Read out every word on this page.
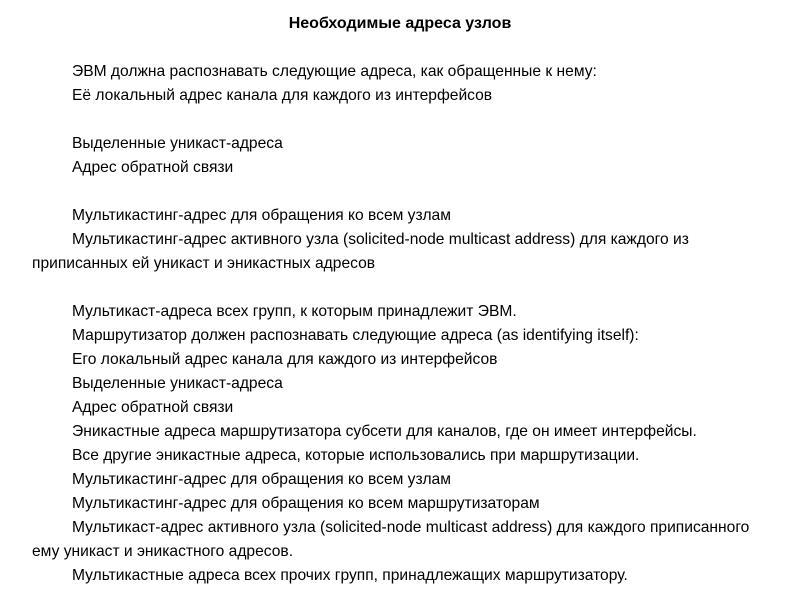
Необходимые адреса узлов
ЭВМ должна распознавать следующие адреса, как обращенные к нему:
Её локальный адрес канала для каждого из интерфейсов
Выделенные уникаст-адреса
Адрес обратной связи
Мультикастинг-адрес для обращения ко всем узлам
Мультикастинг-адрес активного узла (solicited-node multicast address) для каждого из приписанных ей уникаст и эникастных адресов
Мультикаст-адреса всех групп, к которым принадлежит ЭВМ.
Маршрутизатор должен распознавать следующие адреса (as identifying itself):
Его локальный адрес канала для каждого из интерфейсов
Выделенные уникаст-адреса
Адрес обратной связи
Эникастные адреса маршрутизатора субсети для каналов, где он имеет интерфейсы.
Все другие эникастные адреса, которые использовались при маршрутизации.
Мультикастинг-адрес для обращения ко всем узлам
Мультикастинг-адрес для обращения ко всем маршрутизаторам
Мультикаст-адрес активного узла (solicited-node multicast address) для каждого приписанного ему уникаст и эникастного адресов.
Мультикастные адреса всех прочих групп, принадлежащих маршрутизатору.
